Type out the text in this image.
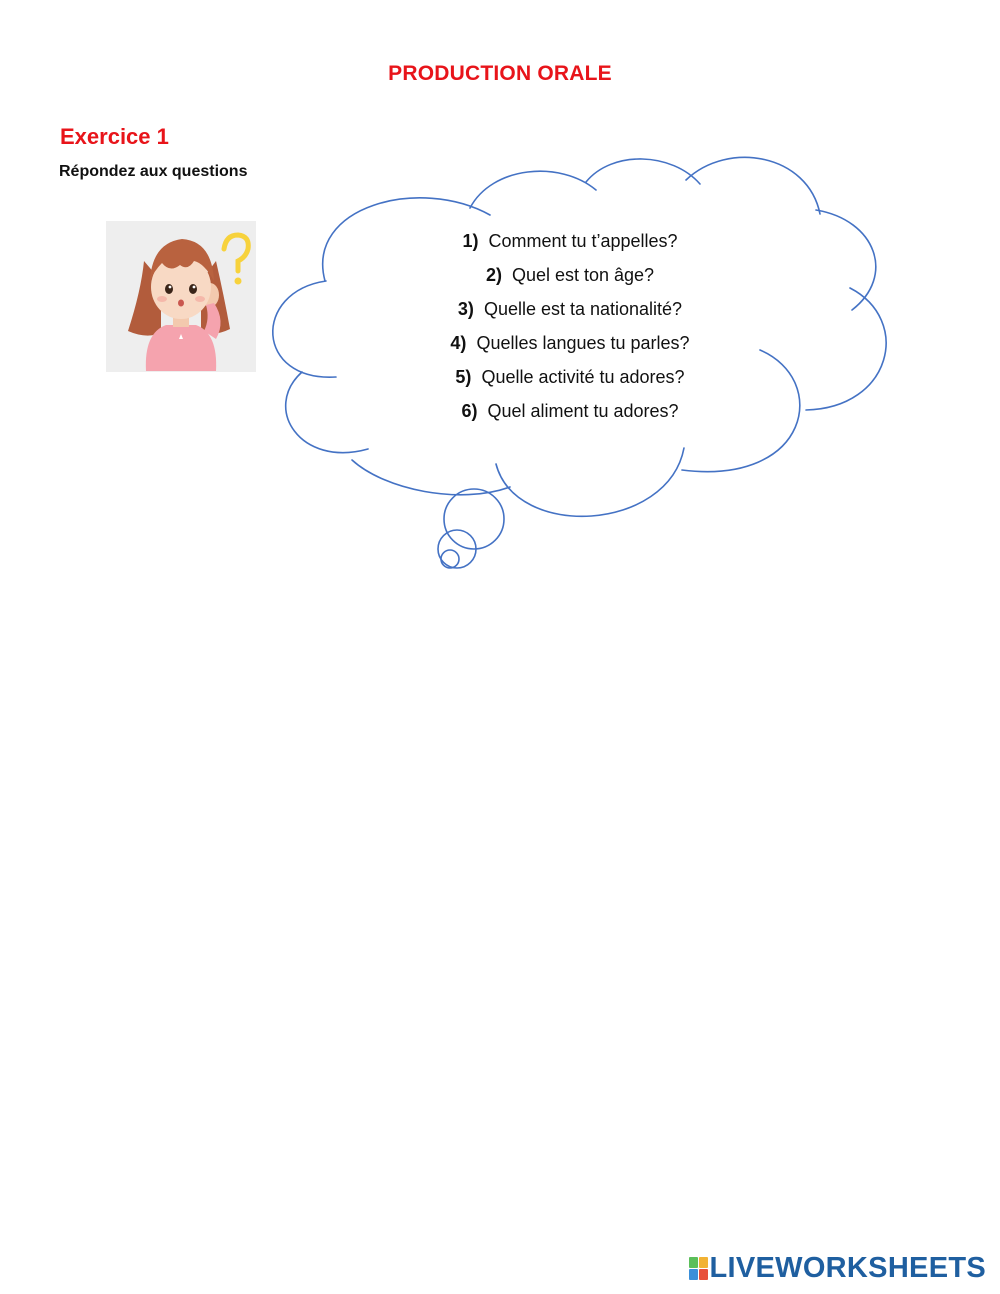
PRODUCTION ORALE
Exercice 1
Répondez aux questions
1) Comment tu t’appelles?
2) Quel est ton âge?
3) Quelle est ta nationalité?
4) Quelles langues tu parles?
5) Quelle activité tu adores?
6) Quel aliment tu adores?
LIVEWORKSHEETS
